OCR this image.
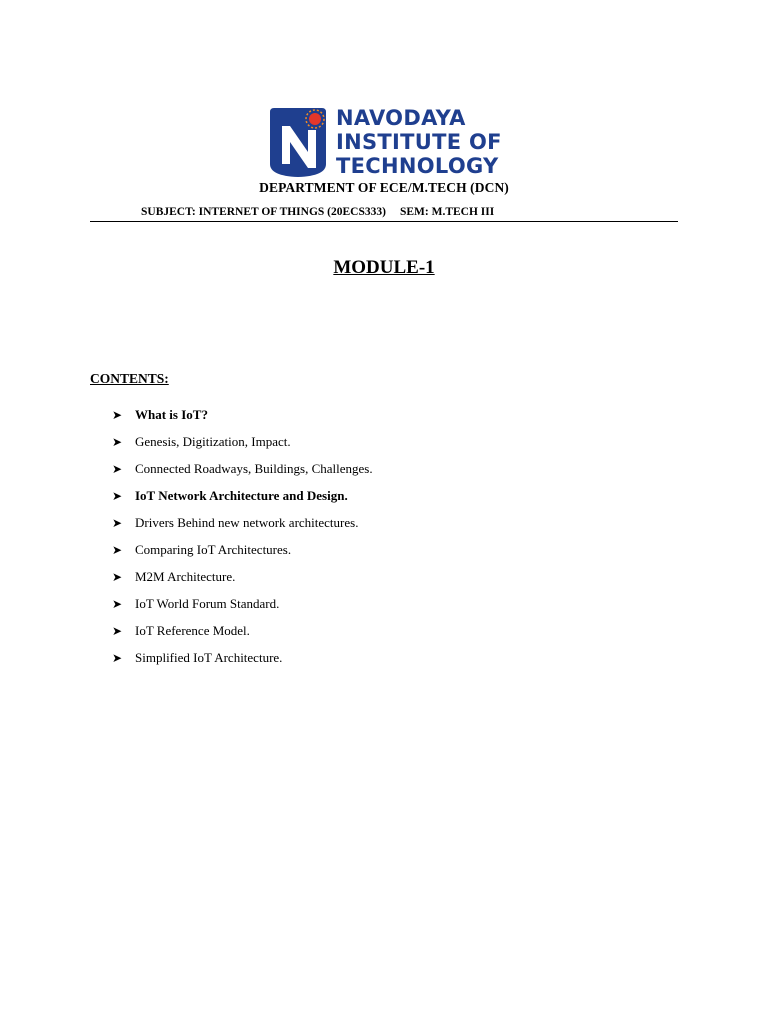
NAVODAYA
INSTITUTE OF
TECHNOLOGY
DEPARTMENT OF ECE/M.TECH (DCN)
SUBJECT: INTERNET OF THINGS (20ECS333) SEM: M.TECH III
MODULE-1
CONTENTS:
➤ What is IoT?
➤ Genesis, Digitization, Impact.
➤ Connected Roadways, Buildings, Challenges.
➤ IoT Network Architecture and Design.
➤ Drivers Behind new network architectures.
➤ Comparing IoT Architectures.
➤ M2M Architecture.
➤ IoT World Forum Standard.
➤ IoT Reference Model.
➤ Simplified IoT Architecture.
